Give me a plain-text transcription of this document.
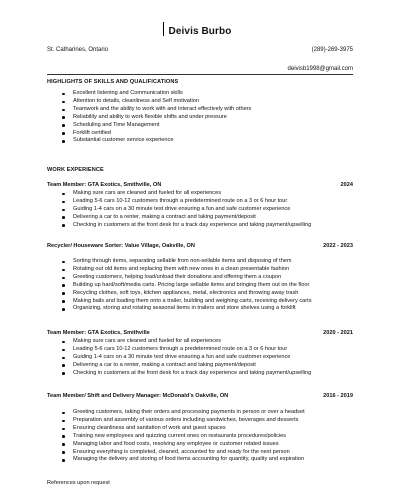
Deivis Burbo
St. Catharines, Ontario	(289)-269-3975
deivisb1998@gmail.com
HIGHLIGHTS OF SKILLS AND QUALIFICATIONS
Excellent listening and Communication skills
Attention to details, cleanliness and Self motivation
Teamwork and the ability to work with and interact effectively with others
Reliability and ability to work flexible shifts and under pressure
Scheduling and Time Management
Forklift certified
Substantial customer service experience
WORK EXPERIENCE
Team Member: GTA Exotics, Smithville, ON	2024
Making sure cars are cleaned and fueled for all experiences
Leading 5-6 cars 10-12 customers through a predetermined route on a 3 or 6 hour tour
Guiding 1-4 cars on a 30 minute test drive ensuring a fun and safe customer experience
Delivering a car to a renter, making a contract and taking payment/deposit
Checking in customers at the front desk for a track day experience and taking payment/upselling
Recycler/ Houseware Sorter: Value Village, Oakville, ON	2022 - 2023
Sorting through items, separating sellable from non-sellable items and disposing of them
Rotating out old items and replacing them with new ones in a clean presentable fashion
Greeting customers, helping load/unload their donations and offering them a coupon
Building up hard/soft/media carts. Pricing large sellable items and bringing them out on the floor
Recycling clothes, soft toys, kitchen appliances, metal, electronics and throwing away trash
Making bails and loading them onto a trailer, building and weighing carts, receiving delivery carts
Organizing, storing and rotating seasonal items in trailers and store shelves using a forklift
Team Member: GTA Exotics, Smithville	2020 - 2021
Making sure cars are cleaned and fueled for all experiences
Leading 5-6 cars 10-12 customers through a predetermined route on a 3 or 6 hour tour
Guiding 1-4 cars on a 30 minute test drive ensuring a fun and safe customer experience
Delivering a car to a renter, making a contract and taking payment/deposit
Checking in customers at the front desk for a track day experience and taking payment/upselling
Team Member/ Shift and Delivery Manager: McDonald’s Oakville, ON	2016 - 2019
Greeting customers, taking their orders and processing payments in person or over a headset
Preparation and assembly of various orders including sandwiches, beverages and desserts
Ensuring cleanliness and sanitation of work and guest spaces
Training new employees and quizzing current ones on restaurants procedures/policies
Managing labor and food costs, resolving any employee or customer related issues
Ensuring everything is completed, cleaned, accounted for and ready for the next person
Managing the delivery and storing of food items accounting for quantity, quality and expiration
References upon request
